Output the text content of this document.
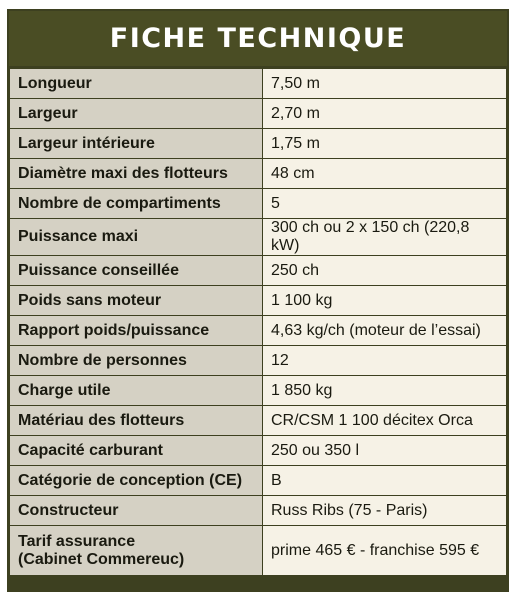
FICHE TECHNIQUE
Longueur	7,50 m
Largeur	2,70 m
Largeur intérieure	1,75 m
Diamètre maxi des flotteurs	48 cm
Nombre de compartiments	5
Puissance maxi	300 ch ou 2 x 150 ch (220,8 kW)
Puissance conseillée	250 ch
Poids sans moteur	1 100 kg
Rapport poids/puissance	4,63 kg/ch (moteur de l’essai)
Nombre de personnes	12
Charge utile	1 850 kg
Matériau des flotteurs	CR/CSM 1 100 décitex Orca
Capacité carburant	250 ou 350 l
Catégorie de conception (CE)	B
Constructeur	Russ Ribs (75 - Paris)

Tarif assurance
(Cabinet Commereuc)	prime 465 € - franchise 595 €
